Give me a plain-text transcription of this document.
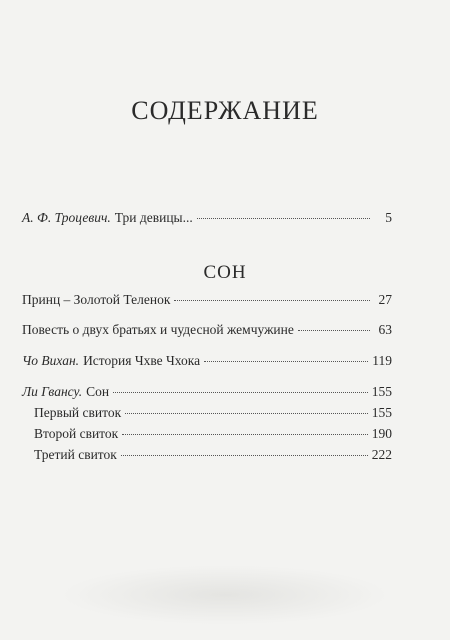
СОДЕРЖАНИЕ
А. Ф. Троцевич. Три девицы...	5
СОН
Принц – Золотой Теленок	27
Повесть о двух братьях и чудесной жемчужине	63
Чо Вихан. История Чхве Чхока	119
Ли Гвансу. Сон	155
Первый свиток	155
Второй свиток	190
Третий свиток	222
